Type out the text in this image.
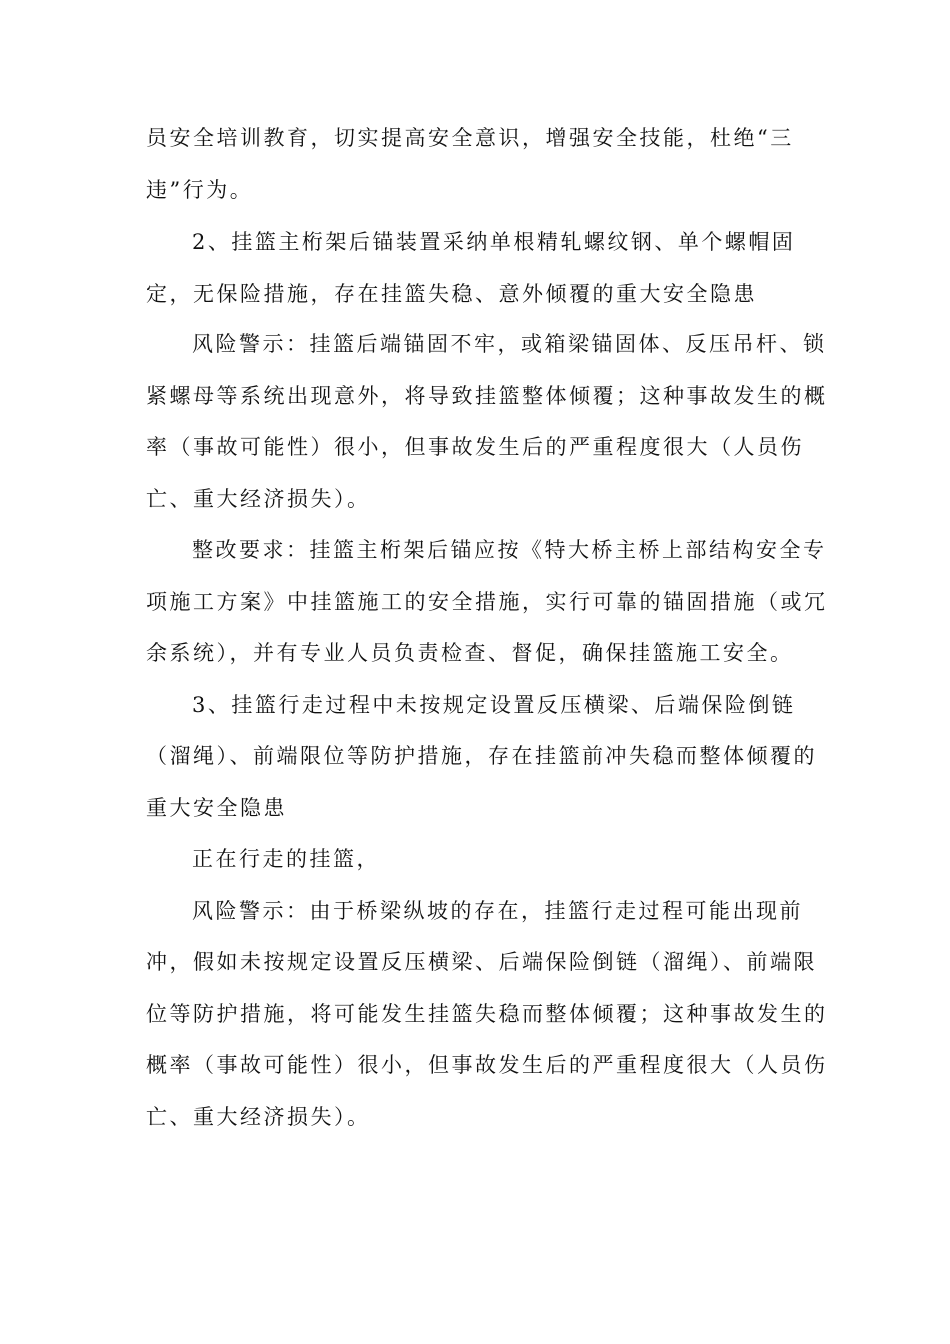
员安全培训教育，切实提高安全意识，增强安全技能，杜绝“三
违”行为。
2、挂篮主桁架后锚装置采纳单根精轧螺纹钢、单个螺帽固
定，无保险措施，存在挂篮失稳、意外倾覆的重大安全隐患
风险警示：挂篮后端锚固不牢，或箱梁锚固体、反压吊杆、锁
紧螺母等系统出现意外，将导致挂篮整体倾覆；这种事故发生的概
率（事故可能性）很小，但事故发生后的严重程度很大（人员伤
亡、重大经济损失）。
整改要求：挂篮主桁架后锚应按《特大桥主桥上部结构安全专
项施工方案》中挂篮施工的安全措施，实行可靠的锚固措施（或冗
余系统），并有专业人员负责检查、督促，确保挂篮施工安全。
3、挂篮行走过程中未按规定设置反压横梁、后端保险倒链
（溜绳）、前端限位等防护措施，存在挂篮前冲失稳而整体倾覆的
重大安全隐患
正在行走的挂篮，
风险警示：由于桥梁纵坡的存在，挂篮行走过程可能出现前
冲，假如未按规定设置反压横梁、后端保险倒链（溜绳）、前端限
位等防护措施，将可能发生挂篮失稳而整体倾覆；这种事故发生的
概率（事故可能性）很小，但事故发生后的严重程度很大（人员伤
亡、重大经济损失）。
